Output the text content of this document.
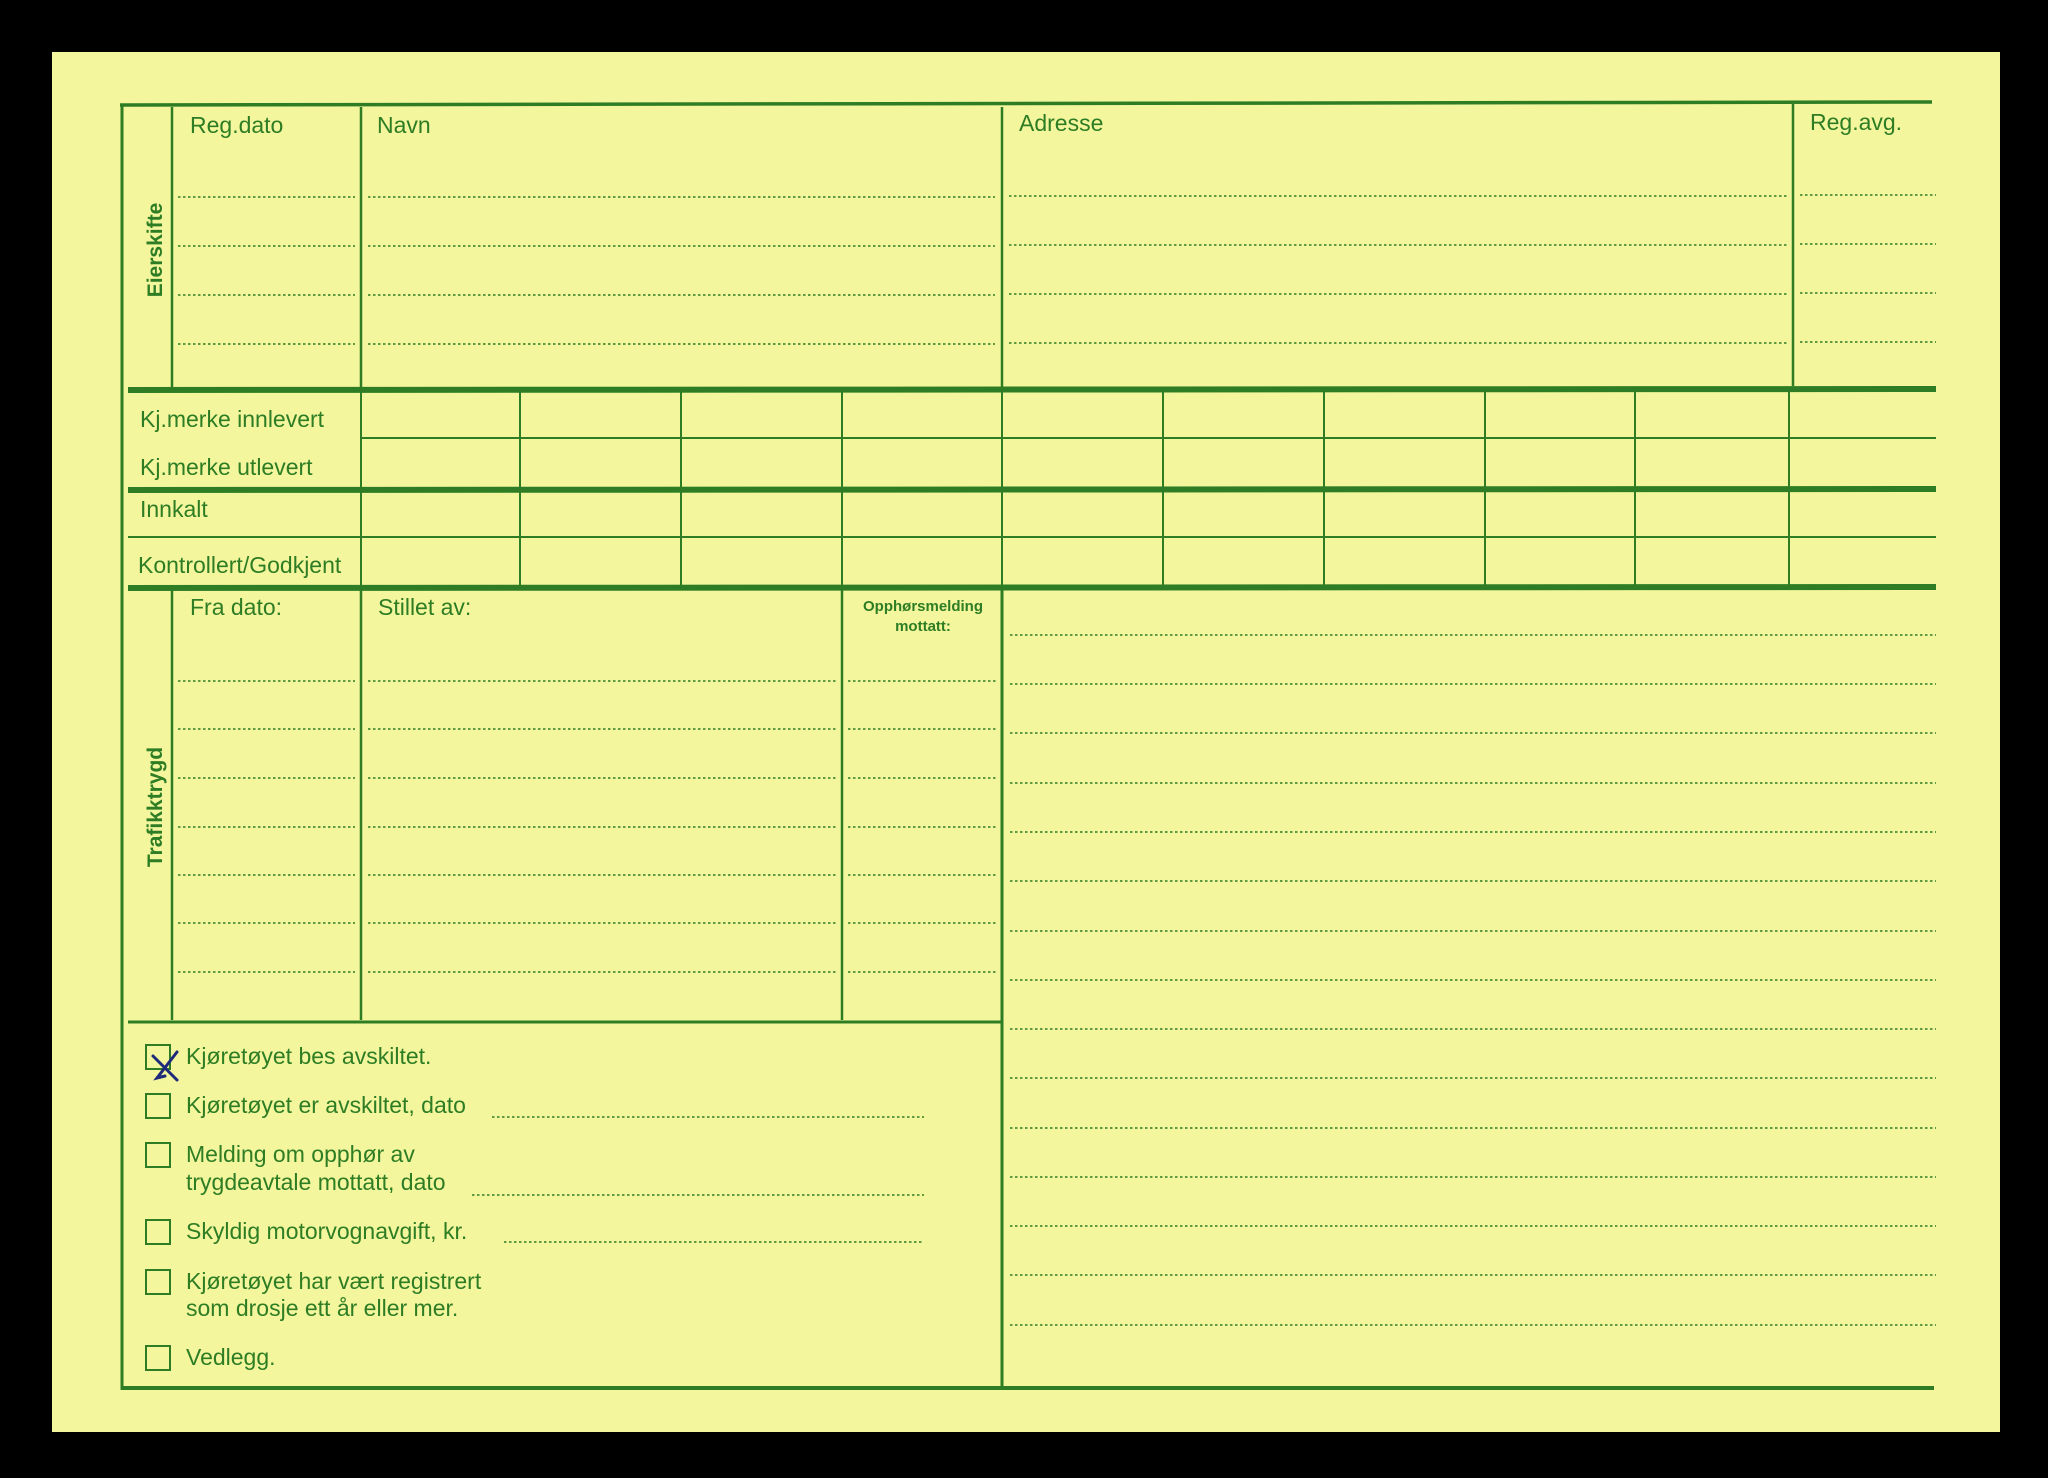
Eierskifte
Reg.dato	Navn	Adresse	Reg.avg.
Kj.merke innlevert
Kj.merke utlevert
Innkalt
Kontrollert/Godkjent
Trafikktrygd
Fra dato:	Stillet av:	Opphørsmelding
mottatt:
Kjøretøyet bes avskiltet.
Kjøretøyet er avskiltet, dato
Melding om opphør av
trygdeavtale mottatt, dato
Skyldig motorvognavgift, kr.
Kjøretøyet har vært registrert
som drosje ett år eller mer.
Vedlegg.
